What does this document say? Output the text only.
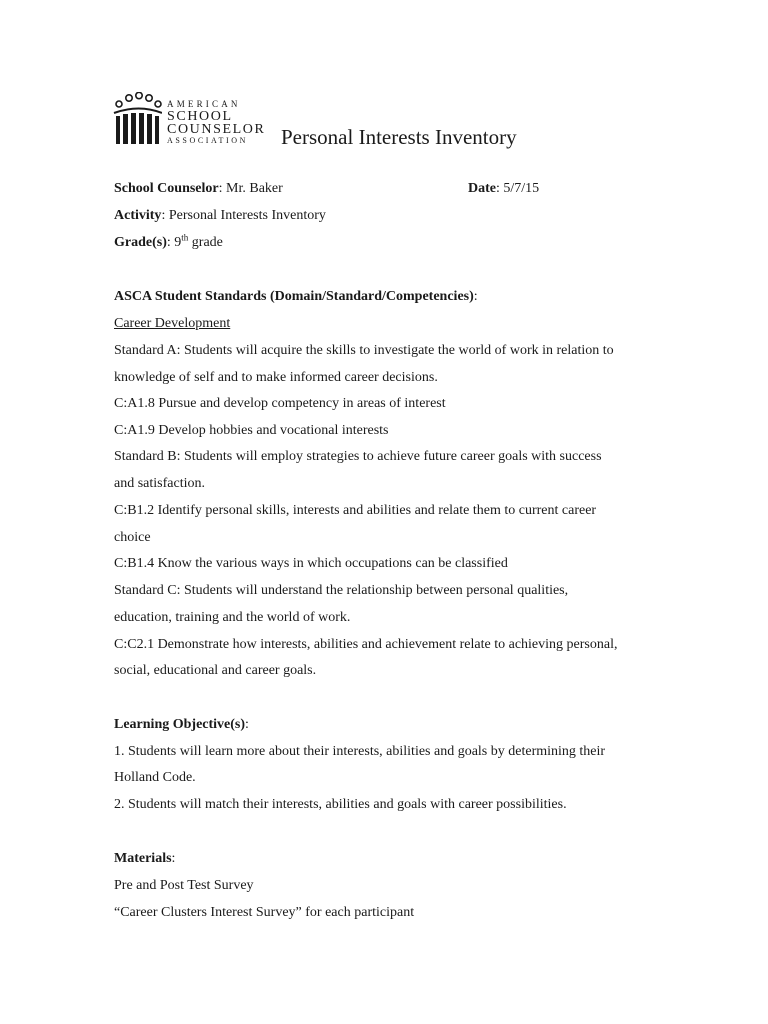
AMERICAN
SCHOOL
COUNSELOR
ASSOCIATION	Personal Interests Inventory
School Counselor: Mr. Baker	Date: 5/7/15
Activity: Personal Interests Inventory
Grade(s): 9th grade
ASCA Student Standards (Domain/Standard/Competencies):
Career Development
Standard A: Students will acquire the skills to investigate the world of work in relation to
knowledge of self and to make informed career decisions.
C:A1.8 Pursue and develop competency in areas of interest
C:A1.9 Develop hobbies and vocational interests
Standard B: Students will employ strategies to achieve future career goals with success
and satisfaction.
C:B1.2 Identify personal skills, interests and abilities and relate them to current career
choice
C:B1.4 Know the various ways in which occupations can be classified
Standard C: Students will understand the relationship between personal qualities,
education, training and the world of work.
C:C2.1 Demonstrate how interests, abilities and achievement relate to achieving personal,
social, educational and career goals.
Learning Objective(s):
1. Students will learn more about their interests, abilities and goals by determining their
Holland Code.
2. Students will match their interests, abilities and goals with career possibilities.
Materials:
Pre and Post Test Survey
“Career Clusters Interest Survey” for each participant
